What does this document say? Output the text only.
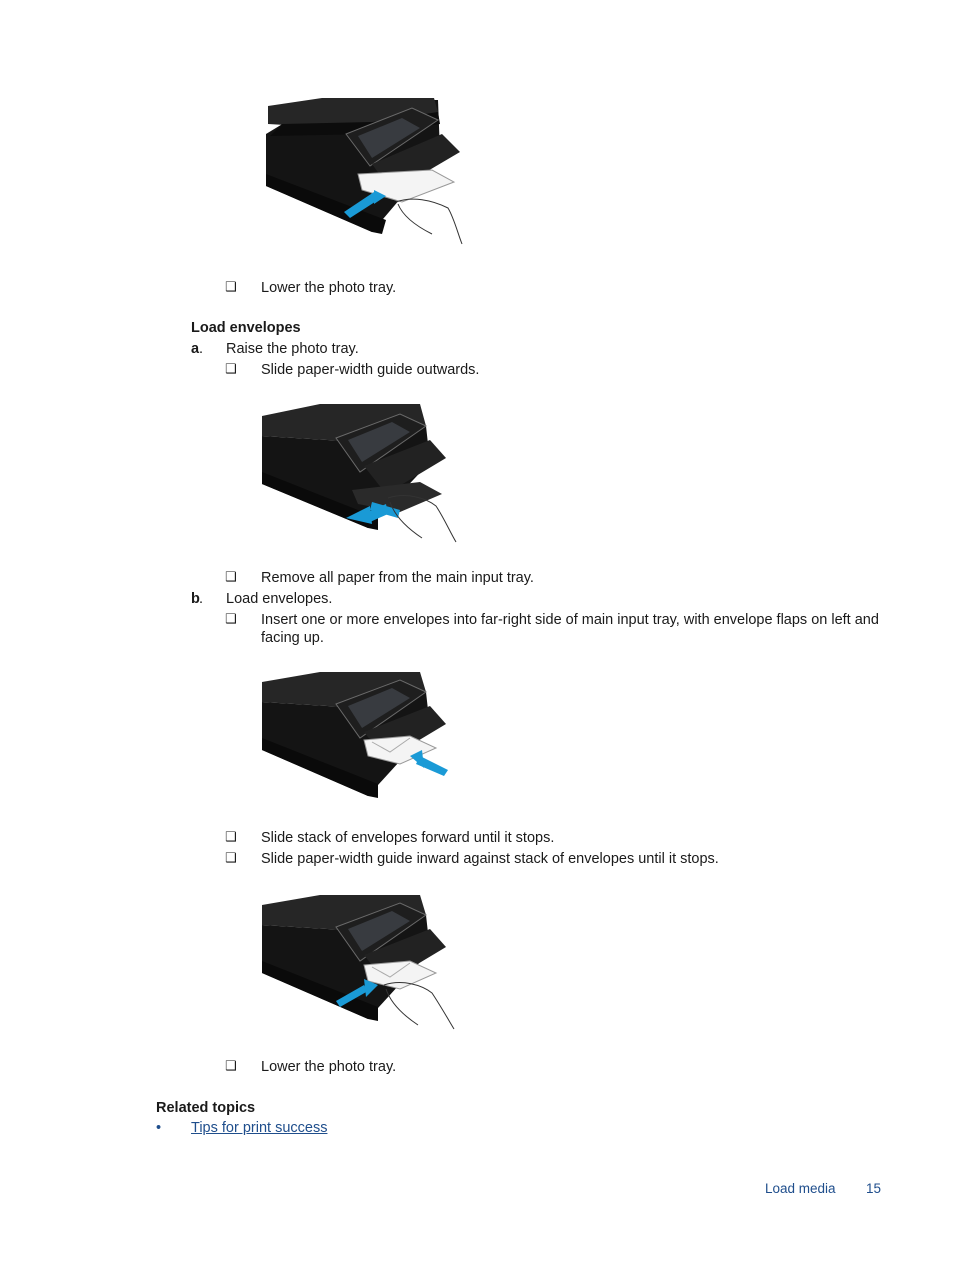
❑ Lower the photo tray.
Load envelopes
a . Raise the photo tray.
❑ Slide paper-width guide outwards.
❑ Remove all paper from the main input tray.
b . Load envelopes.
❑ Insert one or more envelopes into far-right side of main input tray, with envelope flaps on left and
facing up.
❑ Slide stack of envelopes forward until it stops.
❑ Slide paper-width guide inward against stack of envelopes until it stops.
❑ Lower the photo tray.
Related topics
• Tips for print success
Load media 15
